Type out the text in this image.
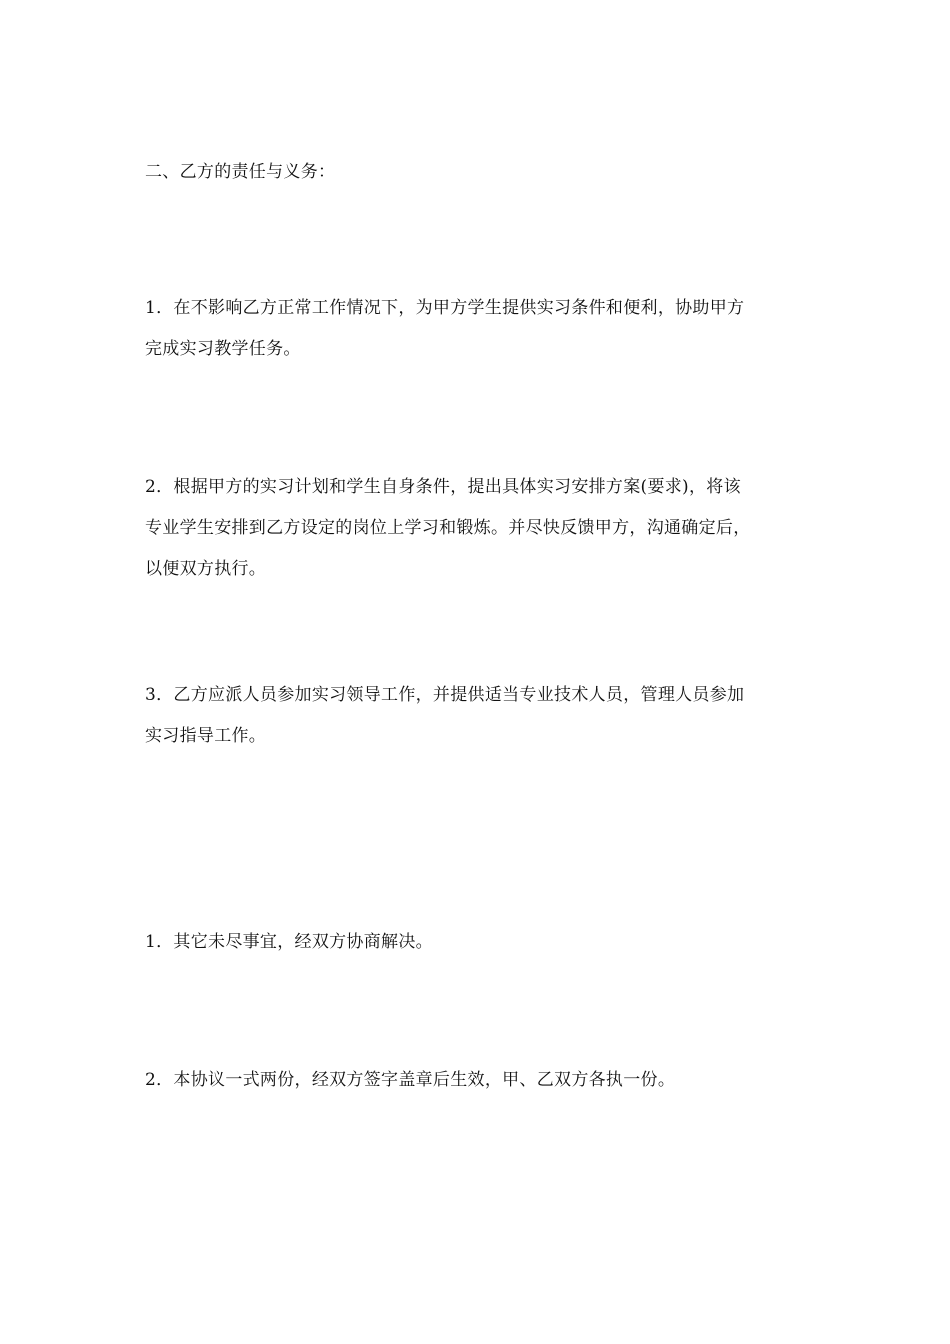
二、乙方的责任与义务：

1．在不影响乙方正常工作情况下，为甲方学生提供实习条件和便利，协助甲方
完成实习教学任务。

2．根据甲方的实习计划和学生自身条件，提出具体实习安排方案(要求)，将该
专业学生安排到乙方设定的岗位上学习和锻炼。并尽快反馈甲方，沟通确定后，
以便双方执行。

3．乙方应派人员参加实习领导工作，并提供适当专业技术人员，管理人员参加
实习指导工作。

1．其它未尽事宜，经双方协商解决。

2．本协议一式两份，经双方签字盖章后生效，甲、乙双方各执一份。
